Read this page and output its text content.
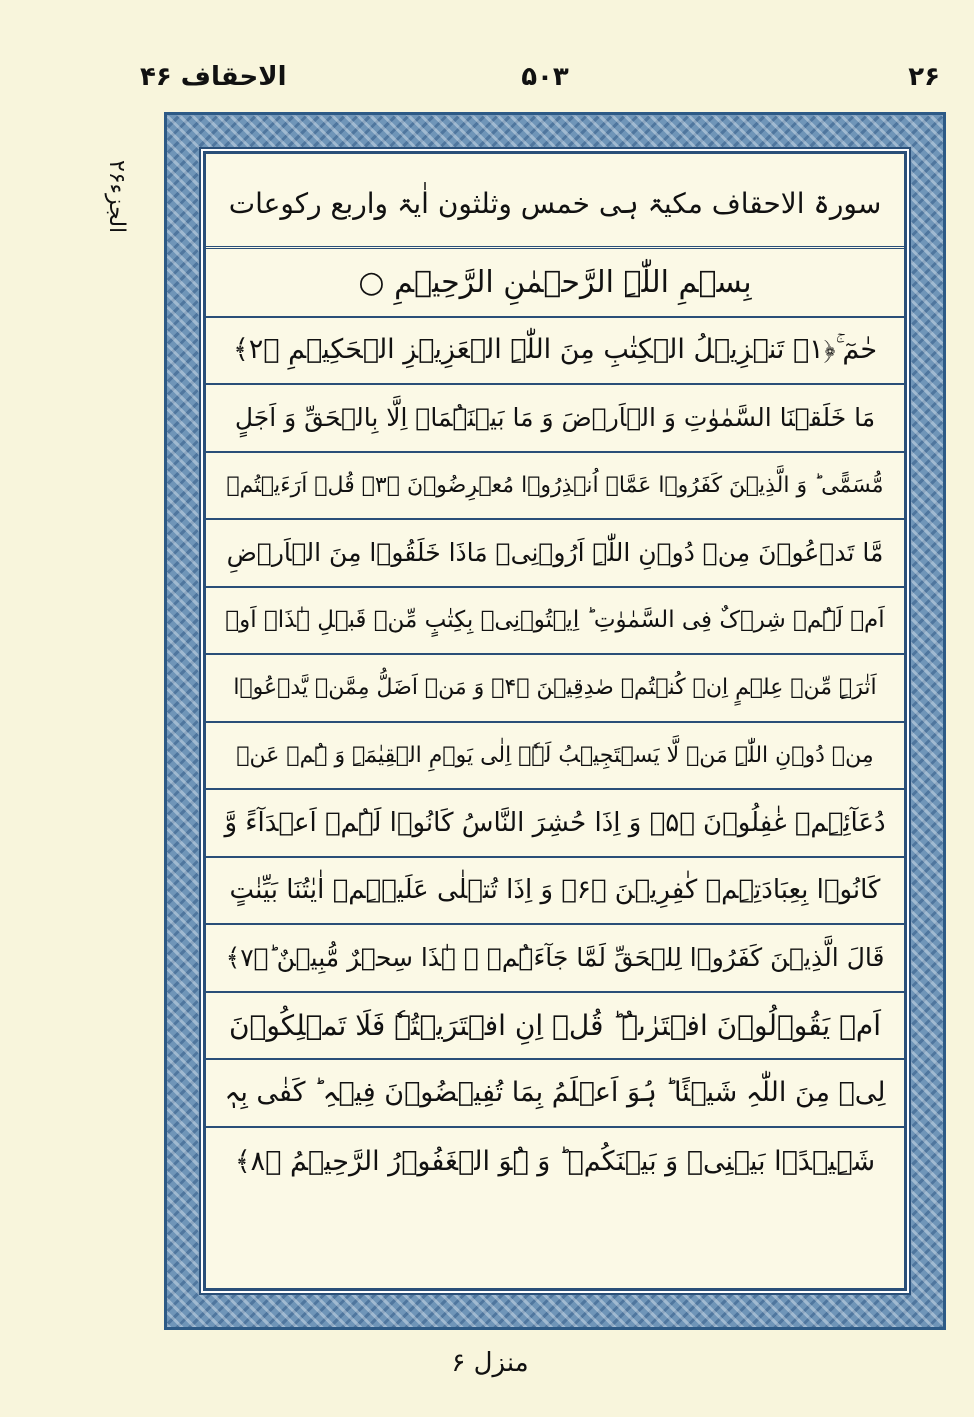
۲۶
۵۰۳
الاحقاف ۴۶
الجزء۲۶	سورۃ الاحقاف مکیۃ ہی خمس وثلثون اٰیۃ واربع رکوعات
بِسۡمِ اللّٰہِ الرَّحۡمٰنِ الرَّحِیۡمِ ○
حٰمٓ ۚ﴿۱﴾ تَنۡزِیۡلُ الۡکِتٰبِ مِنَ اللّٰہِ الۡعَزِیۡزِ الۡحَکِیۡمِ ﴿۲﴾
مَا خَلَقۡنَا السَّمٰوٰتِ وَ الۡاَرۡضَ وَ مَا بَیۡنَہُمَاۤ اِلَّا بِالۡحَقِّ وَ اَجَلٍ
مُّسَمًّی ؕ وَ الَّذِیۡنَ کَفَرُوۡا عَمَّاۤ اُنۡذِرُوۡا مُعۡرِضُوۡنَ ﴿۳﴾ قُلۡ اَرَءَیۡتُمۡ
مَّا تَدۡعُوۡنَ مِنۡ دُوۡنِ اللّٰہِ اَرُوۡنِیۡ مَاذَا خَلَقُوۡا مِنَ الۡاَرۡضِ
اَمۡ لَہُمۡ شِرۡکٌ فِی السَّمٰوٰتِ ؕ اِیۡتُوۡنِیۡ بِکِتٰبٍ مِّنۡ قَبۡلِ ہٰذَاۤ اَوۡ
اَثٰرَۃٍ مِّنۡ عِلۡمٍ اِنۡ کُنۡتُمۡ صٰدِقِیۡنَ ﴿۴﴾ وَ مَنۡ اَضَلُّ مِمَّنۡ یَّدۡعُوۡا
مِنۡ دُوۡنِ اللّٰہِ مَنۡ لَّا یَسۡتَجِیۡبُ لَہٗۤ اِلٰی یَوۡمِ الۡقِیٰمَۃِ وَ ہُمۡ عَنۡ
دُعَآئِہِمۡ غٰفِلُوۡنَ ﴿۵﴾ وَ اِذَا حُشِرَ النَّاسُ کَانُوۡا لَہُمۡ اَعۡدَآءً وَّ
کَانُوۡا بِعِبَادَتِہِمۡ کٰفِرِیۡنَ ﴿۶﴾ وَ اِذَا تُتۡلٰی عَلَیۡہِمۡ اٰیٰتُنَا بَیِّنٰتٍ
قَالَ الَّذِیۡنَ کَفَرُوۡا لِلۡحَقِّ لَمَّا جَآءَہُمۡ ۙ ہٰذَا سِحۡرٌ مُّبِیۡنٌ ؕ﴿۷﴾
اَمۡ یَقُوۡلُوۡنَ افۡتَرٰىہُ ؕ قُلۡ اِنِ افۡتَرَیۡتُہٗ فَلَا تَمۡلِکُوۡنَ
لِیۡ مِنَ اللّٰہِ شَیۡئًا ؕ ہُوَ اَعۡلَمُ بِمَا تُفِیۡضُوۡنَ فِیۡہِ ؕ کَفٰی بِہٖ
شَہِیۡدًۢا بَیۡنِیۡ وَ بَیۡنَکُمۡ ؕ وَ ہُوَ الۡغَفُوۡرُ الرَّحِیۡمُ ﴿۸﴾
منزل ۶
